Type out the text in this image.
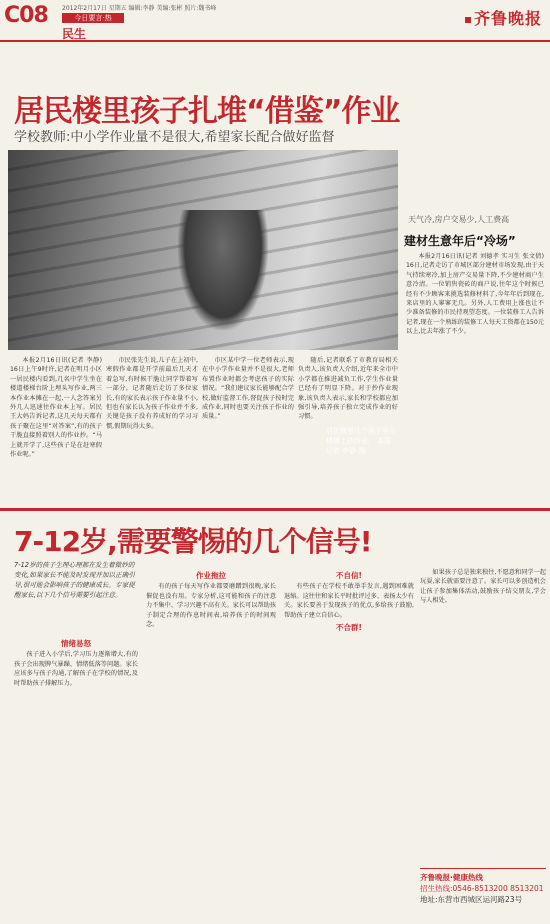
C08 2012年2月17日 星期五 编辑:李静 美编:张彬 照片:魏书峰
今日要言·热
民生
齐鲁晚报
居民楼里孩子扎堆“借鉴”作业
学校教师:中小学作业量不是很大,希望家长配合做好监督
居民楼里几个孩子坐在楼梯上抄作业。 本报记者 李静 摄

本报2月16日讯(记者 李静) 16日上午9时许,记者在明月小区一居民楼内看到,几名中学生坐在楼道楼梯台阶上埋头写作业,两三本作业本摊在一起,一人念答案另外几人迅速往作业本上写。居民王大妈告诉记者,这几天每天都有孩子聚在这里“对答案”,有的孩子干脆直接照着别人的作业抄。“马上就开学了,这些孩子是在赶寒假作业呢。”

市民张先生说,儿子在上初中,寒假作业都是开学前最后几天才着急写,有时候干脆让同学帮着写一部分。记者随后走访了多位家长,有的家长表示孩子作业量不小,但也有家长认为孩子作业并不多,关键是孩子没有养成好的学习习惯,假期玩得太多。

市区某中学一位老师表示,现在中小学作业量并不是很大,老师布置作业时都会考虑孩子的实际情况。“我们建议家长能够配合学校,做好监督工作,督促孩子按时完成作业,同时也要关注孩子作业的质量。”

随后,记者联系了市教育局相关负责人,该负责人介绍,近年来全市中小学都在推进减负工作,学生作业量已经有了明显下降。对于抄作业现象,该负责人表示,家长和学校都应加强引导,培养孩子独立完成作业的好习惯。

天气冷,房户交易少,人工费高
建材生意年后“冷场”

本报2月16日讯(记者 刘德孝 实习生 张文倩) 16日,记者走访了市城区部分建材市场发现,由于天气持续寒冷,加上房产交易量下降,不少建材商户生意冷清。一位销售瓷砖的商户说,往年这个时候已经有不少顾客来挑选装修材料了,今年年后到现在,来店里的人寥寥无几。另外,人工费用上涨也让不少准备装修的市民持观望态度。一位装修工人告诉记者,现在一个熟练的装修工人每天工资都在150元以上,比去年涨了不少。

7-12岁,需要警惕的几个信号!
7-12岁的孩子生理心理都在发生着微妙的变化,如果家长不能及时发现并加以正确引导,很可能会影响孩子的健康成长。专家提醒家长,以下几个信号需要引起注意。
情绪易怒

孩子进入小学后,学习压力逐渐增大,有的孩子会出现脾气暴躁、情绪低落等问题。家长应该多与孩子沟通,了解孩子在学校的情况,及时帮助孩子排解压力。

作业拖拉

有的孩子每天写作业都要磨蹭到很晚,家长催促也没有用。专家分析,这可能和孩子的注意力不集中、学习兴趣不高有关。家长可以帮助孩子制定合理的作息时间表,培养孩子的时间观念。

不自信!

有些孩子在学校不敢举手发言,遇到困难就退缩。这往往和家长平时批评过多、表扬太少有关。家长要善于发现孩子的优点,多给孩子鼓励,帮助孩子建立自信心。

不合群!

如果孩子总是独来独往,不愿意和同学一起玩耍,家长就需要注意了。家长可以多创造机会让孩子参加集体活动,鼓励孩子结交朋友,学会与人相处。

齐鲁晚报·健康热线
招生热线:0546-8513200 8513201
地址:东营市西城区运河路23号
